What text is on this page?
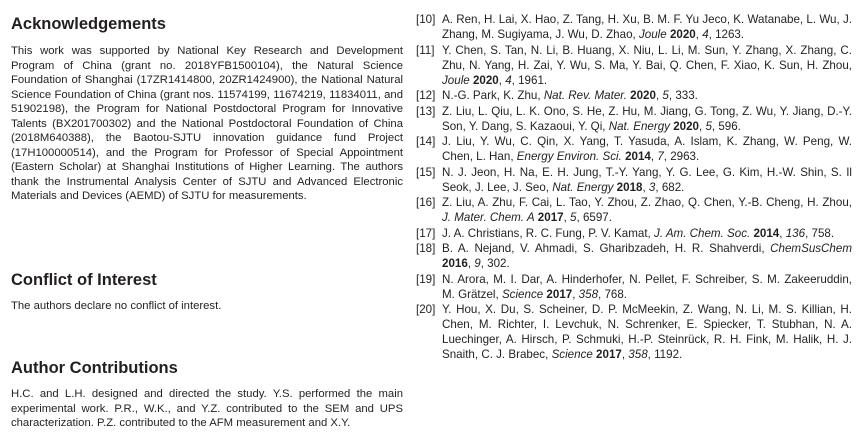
Acknowledgements

This work was supported by National Key Research and Development Program of China (grant no. 2018YFB1500104), the Natural Science Foundation of Shanghai (17ZR1414800, 20ZR1424900), the National Natural Science Foundation of China (grant nos. 11574199, 11674219, 11834011, and 51902198), the Program for National Postdoctoral Program for Innovative Talents (BX201700302) and the National Postdoctoral Foundation of China (2018M640388), the Baotou-SJTU innovation guidance fund Project (17H100000514), and the Program for Professor of Special Appointment (Eastern Scholar) at Shanghai Institutions of Higher Learning. The authors thank the Instrumental Analysis Center of SJTU and Advanced Electronic Materials and Devices (AEMD) of SJTU for measurements.

Conflict of Interest

The authors declare no conflict of interest.

Author Contributions

H.C. and L.H. designed and directed the study. Y.S. performed the main experimental work. P.R., W.K., and Y.Z. contributed to the SEM and UPS characterization. P.Z. contributed to the AFM measurement and X.Y.

[10] A. Ren, H. Lai, X. Hao, Z. Tang, H. Xu, B. M. F. Yu Jeco, K. Watanabe, L. Wu, J. Zhang, M. Sugiyama, J. Wu, D. Zhao, Joule 2020, 4, 1263.
[11] Y. Chen, S. Tan, N. Li, B. Huang, X. Niu, L. Li, M. Sun, Y. Zhang, X. Zhang, C. Zhu, N. Yang, H. Zai, Y. Wu, S. Ma, Y. Bai, Q. Chen, F. Xiao, K. Sun, H. Zhou, Joule 2020, 4, 1961.
[12] N.-G. Park, K. Zhu, Nat. Rev. Mater. 2020, 5, 333.
[13] Z. Liu, L. Qiu, L. K. Ono, S. He, Z. Hu, M. Jiang, G. Tong, Z. Wu, Y. Jiang, D.-Y. Son, Y. Dang, S. Kazaoui, Y. Qi, Nat. Energy 2020, 5, 596.
[14] J. Liu, Y. Wu, C. Qin, X. Yang, T. Yasuda, A. Islam, K. Zhang, W. Peng, W. Chen, L. Han, Energy Environ. Sci. 2014, 7, 2963.
[15] N. J. Jeon, H. Na, E. H. Jung, T.-Y. Yang, Y. G. Lee, G. Kim, H.-W. Shin, S. Il Seok, J. Lee, J. Seo, Nat. Energy 2018, 3, 682.
[16] Z. Liu, A. Zhu, F. Cai, L. Tao, Y. Zhou, Z. Zhao, Q. Chen, Y.-B. Cheng, H. Zhou, J. Mater. Chem. A 2017, 5, 6597.
[17] J. A. Christians, R. C. Fung, P. V. Kamat, J. Am. Chem. Soc. 2014, 136, 758.
[18] B. A. Nejand, V. Ahmadi, S. Gharibzadeh, H. R. Shahverdi, ChemSusChem 2016, 9, 302.
[19] N. Arora, M. I. Dar, A. Hinderhofer, N. Pellet, F. Schreiber, S. M. Zakeeruddin, M. Grätzel, Science 2017, 358, 768.
[20] Y. Hou, X. Du, S. Scheiner, D. P. McMeekin, Z. Wang, N. Li, M. S. Killian, H. Chen, M. Richter, I. Levchuk, N. Schrenker, E. Spiecker, T. Stubhan, N. A. Luechinger, A. Hirsch, P. Schmuki, H.-P. Steinrück, R. H. Fink, M. Halik, H. J. Snaith, C. J. Brabec, Science 2017, 358, 1192.
